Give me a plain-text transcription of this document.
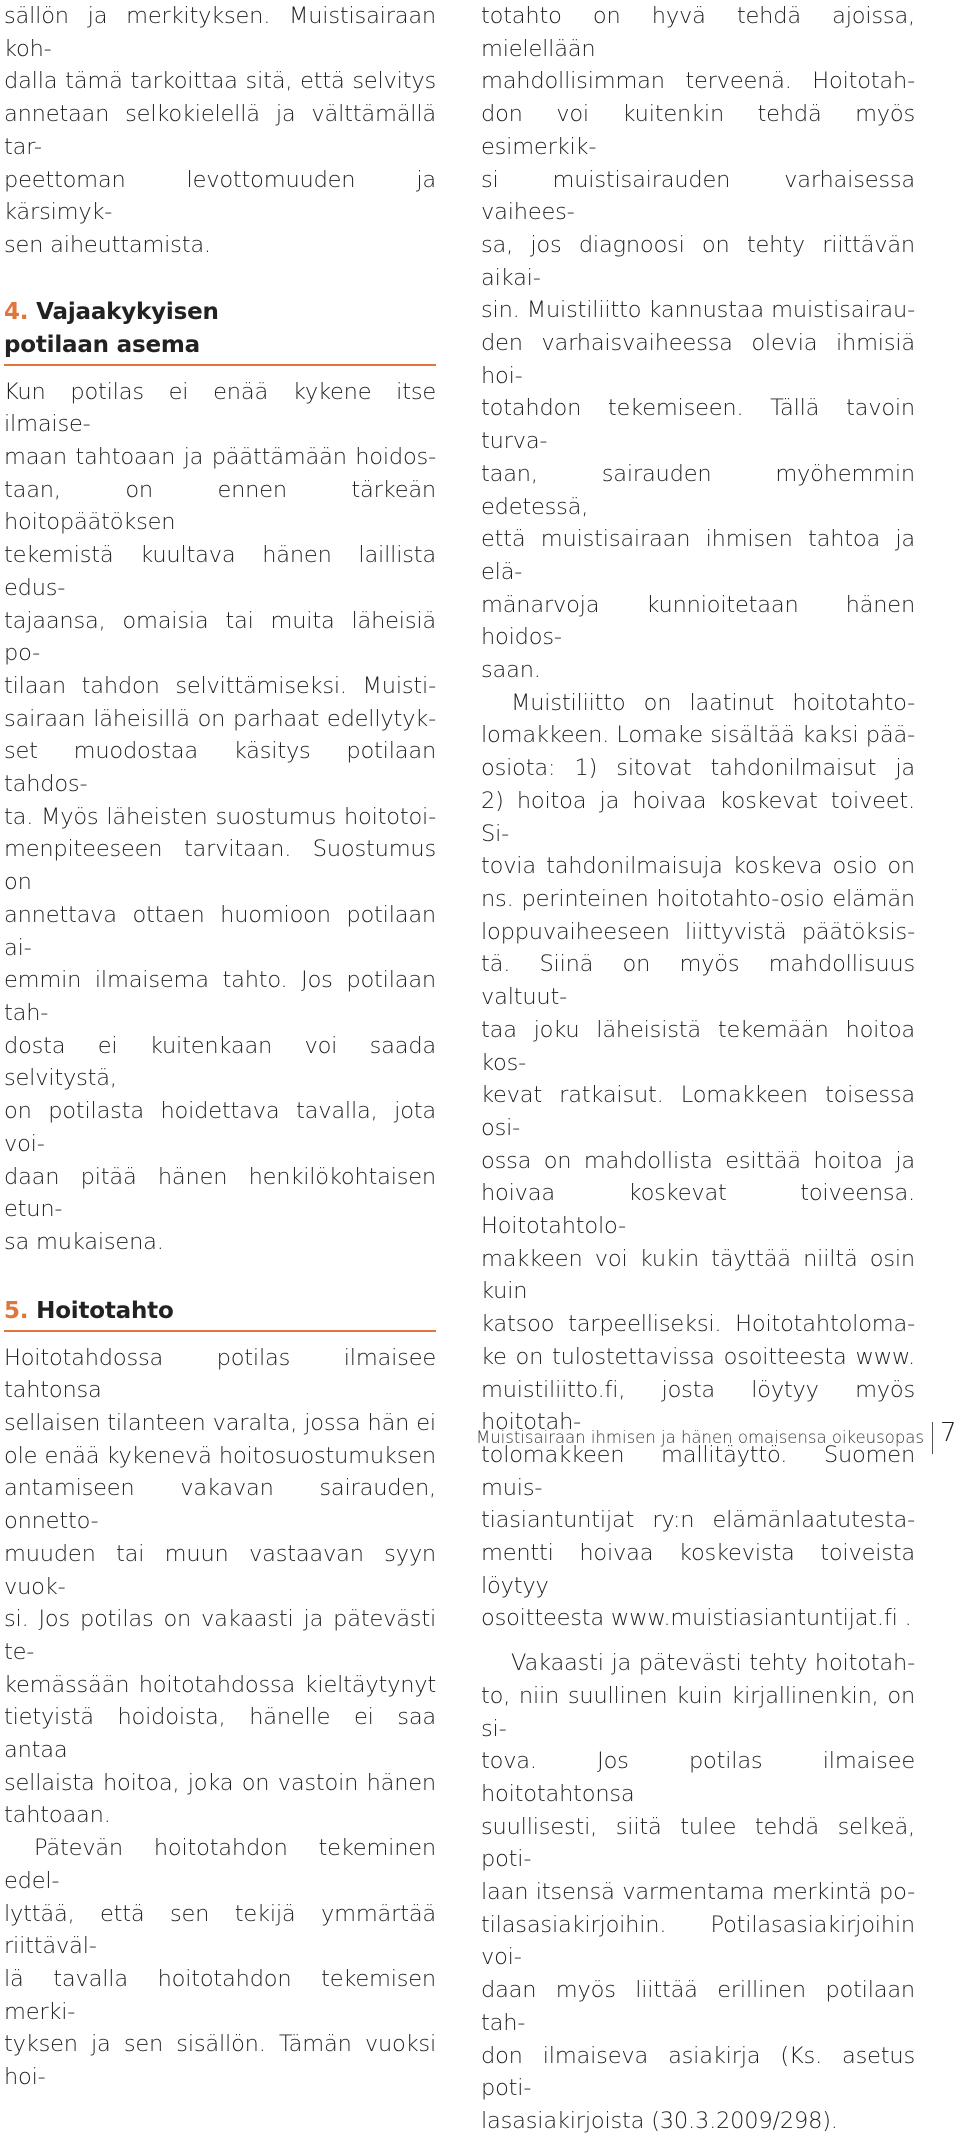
sällön ja merkityksen. Muistisairaan koh-

dalla tämä tarkoittaa sitä, että selvitys

annetaan selkokielellä ja välttämällä tar-

peettoman levottomuuden ja kärsimyk-

sen aiheuttamista.

4. Vajaakykyisen
potilaan asema

Kun potilas ei enää kykene itse ilmaise-

maan tahtoaan ja päättämään hoidos-

taan, on ennen tärkeän hoitopäätöksen

tekemistä kuultava hänen laillista edus-

tajaansa, omaisia tai muita läheisiä po-

tilaan tahdon selvittämiseksi. Muisti-

sairaan läheisillä on parhaat edellytyk-

set muodostaa käsitys potilaan tahdos-

ta. Myös läheisten suostumus hoitotoi-

menpiteeseen tarvitaan. Suostumus on

annettava ottaen huomioon potilaan ai-

emmin ilmaisema tahto. Jos potilaan tah-

dosta ei kuitenkaan voi saada selvitystä,

on potilasta hoidettava tavalla, jota voi-

daan pitää hänen henkilökohtaisen etun-

sa mukaisena.

5. Hoitotahto

Hoitotahdossa potilas ilmaisee tahtonsa

sellaisen tilanteen varalta, jossa hän ei

ole enää kykenevä hoitosuostumuksen

antamiseen vakavan sairauden, onnetto-

muuden tai muun vastaavan syyn vuok-

si. Jos potilas on vakaasti ja pätevästi te-

kemässään hoitotahdossa kieltäytynyt

tietyistä hoidoista, hänelle ei saa antaa

sellaista hoitoa, joka on vastoin hänen

tahtoaan.

Pätevän hoitotahdon tekeminen edel-

lyttää, että sen tekijä ymmärtää riittäväl-

lä tavalla hoitotahdon tekemisen merki-

tyksen ja sen sisällön. Tämän vuoksi hoi-

totahto on hyvä tehdä ajoissa, mielellään

mahdollisimman terveenä. Hoitotah-

don voi kuitenkin tehdä myös esimerkik-

si muistisairauden varhaisessa vaihees-

sa, jos diagnoosi on tehty riittävän aikai-

sin. Muistiliitto kannustaa muistisairau-

den varhaisvaiheessa olevia ihmisiä hoi-

totahdon tekemiseen. Tällä tavoin turva-

taan, sairauden myöhemmin edetessä,

että muistisairaan ihmisen tahtoa ja elä-

mänarvoja kunnioitetaan hänen hoidos-

saan.

Muistiliitto on laatinut hoitotahto-

lomakkeen. Lomake sisältää kaksi pää-

osiota: 1) sitovat tahdonilmaisut ja

2) hoitoa ja hoivaa koskevat toiveet. Si-

tovia tahdonilmaisuja koskeva osio on

ns. perinteinen hoitotahto-osio elämän

loppuvaiheeseen liittyvistä päätöksis-

tä. Siinä on myös mahdollisuus valtuut-

taa joku läheisistä tekemään hoitoa kos-

kevat ratkaisut. Lomakkeen toisessa osi-

ossa on mahdollista esittää hoitoa ja

hoivaa koskevat toiveensa. Hoitotahtolo-

makkeen voi kukin täyttää niiltä osin kuin

katsoo tarpeelliseksi. Hoitotahtoloma-

ke on tulostettavissa osoitteesta www.

muistiliitto.fi, josta löytyy myös hoitotah-

tolomakkeen mallitäyttö. Suomen muis-

tiasiantuntijat ry:n elämänlaatutesta-

mentti hoivaa koskevista toiveista löytyy

osoitteesta www.muistiasiantuntijat.fi .

Vakaasti ja pätevästi tehty hoitotah-

to, niin suullinen kuin kirjallinenkin, on si-

tova. Jos potilas ilmaisee hoitotahtonsa

suullisesti, siitä tulee tehdä selkeä, poti-

laan itsensä varmentama merkintä po-

tilasasiakirjoihin. Potilasasiakirjoihin voi-

daan myös liittää erillinen potilaan tah-

don ilmaiseva asiakirja (Ks. asetus poti-

lasasiakirjoista (30.3.2009/298).

Muistisairaan ihmisen ja hänen omaisensa oikeusopas 7
